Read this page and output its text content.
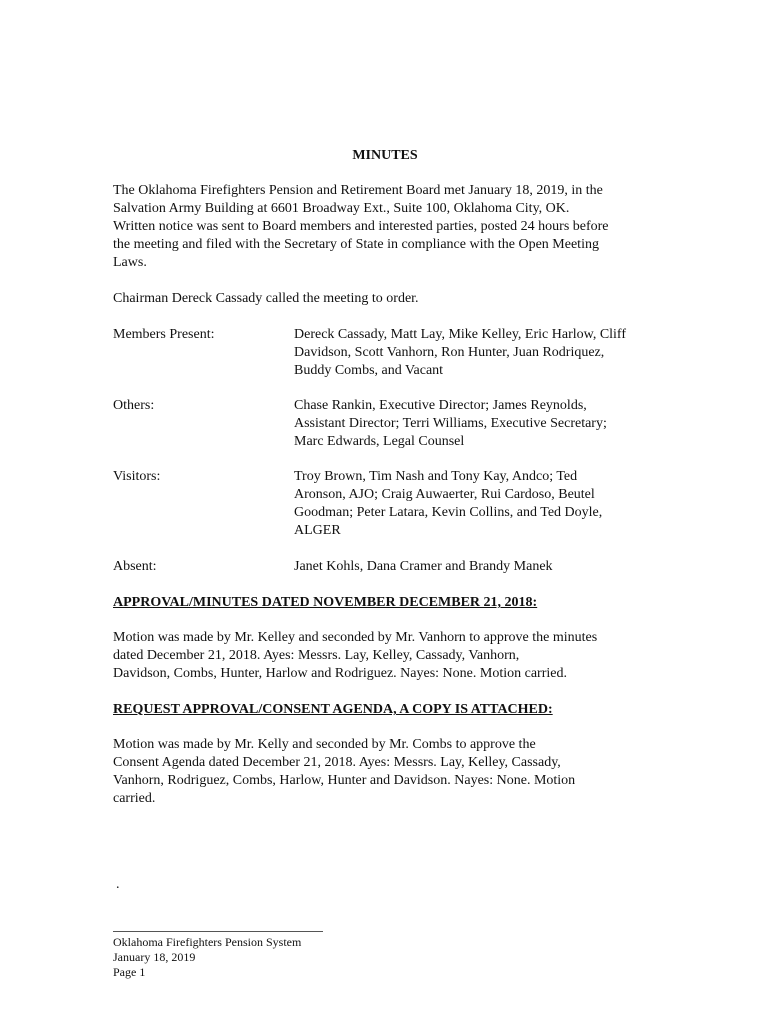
MINUTES

The Oklahoma Firefighters Pension and Retirement Board met January 18, 2019, in the
Salvation Army Building at 6601 Broadway Ext., Suite 100, Oklahoma City, OK.
Written notice was sent to Board members and interested parties, posted 24 hours before
the meeting and filed with the Secretary of State in compliance with the Open Meeting
Laws.

Chairman Dereck Cassady called the meeting to order.

Members Present:	Dereck Cassady, Matt Lay, Mike Kelley, Eric Harlow, Cliff
Davidson, Scott Vanhorn, Ron Hunter, Juan Rodriquez,
Buddy Combs, and Vacant
Others:	Chase Rankin, Executive Director; James Reynolds,
Assistant Director; Terri Williams, Executive Secretary;
Marc Edwards, Legal Counsel
Visitors:	Troy Brown, Tim Nash and Tony Kay, Andco; Ted
Aronson, AJO; Craig Auwaerter, Rui Cardoso, Beutel
Goodman; Peter Latara, Kevin Collins, and Ted Doyle,
ALGER
Absent:	Janet Kohls, Dana Cramer and Brandy Manek
APPROVAL/MINUTES DATED NOVEMBER DECEMBER 21, 2018:

Motion was made by Mr. Kelley and seconded by Mr. Vanhorn to approve the minutes
dated December 21, 2018. Ayes: Messrs. Lay, Kelley, Cassady, Vanhorn,
Davidson, Combs, Hunter, Harlow and Rodriguez. Nayes: None. Motion carried.

REQUEST APPROVAL/CONSENT AGENDA, A COPY IS ATTACHED:

Motion was made by Mr. Kelly and seconded by Mr. Combs to approve the
Consent Agenda dated December 21, 2018. Ayes: Messrs. Lay, Kelley, Cassady,
Vanhorn, Rodriguez, Combs, Harlow, Hunter and Davidson. Nayes: None. Motion
carried.

.
Oklahoma Firefighters Pension System
January 18, 2019
Page 1
